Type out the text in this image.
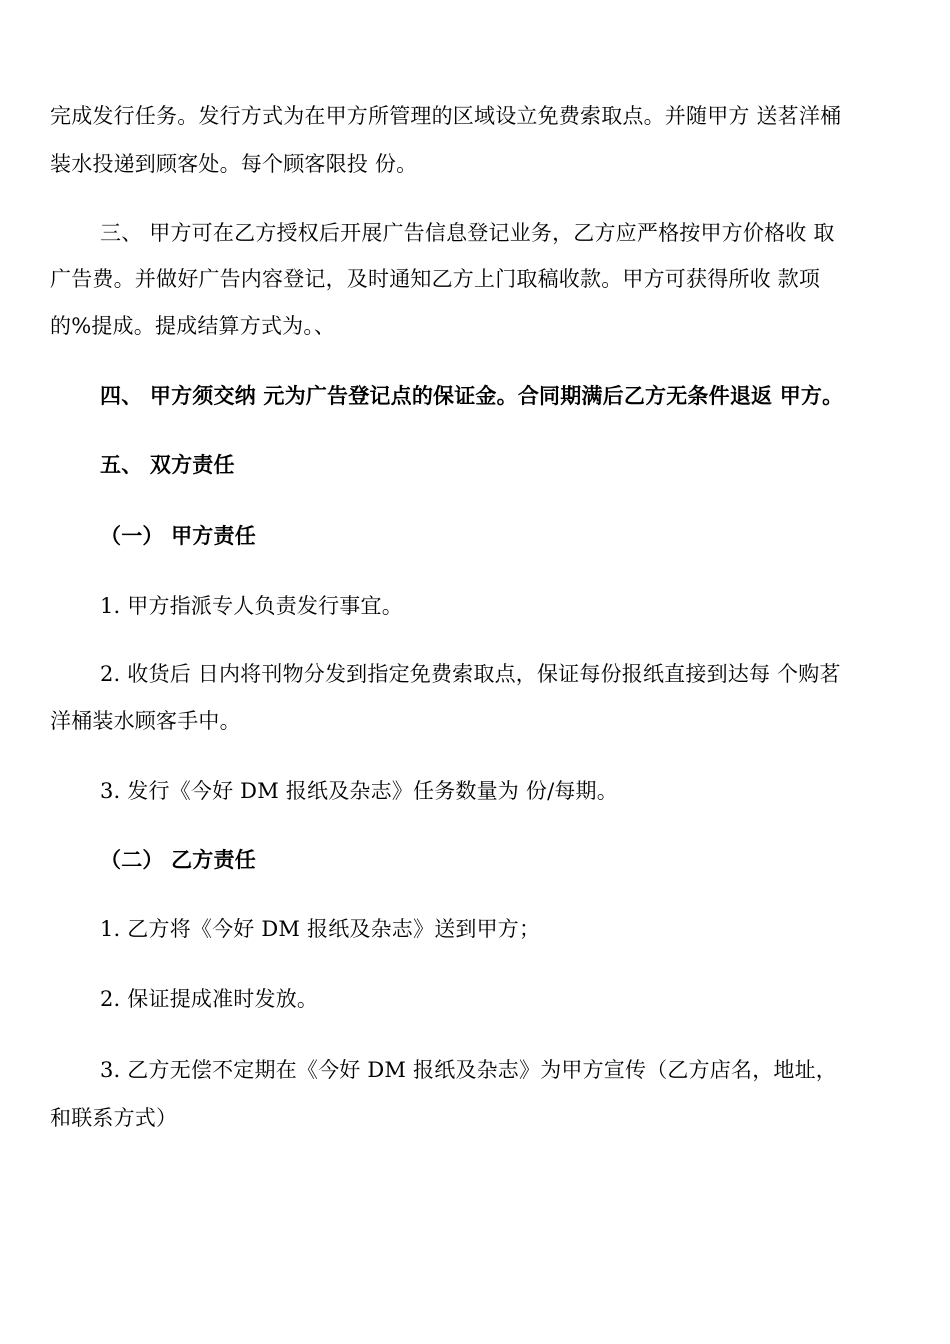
完成发行任务。发行方式为在甲方所管理的区域设立免费索取点。并随甲方 送茗洋桶
装水投递到顾客处。每个顾客限投 份。
三、 甲方可在乙方授权后开展广告信息登记业务，乙方应严格按甲方价格收 取
广告费。并做好广告内容登记，及时通知乙方上门取稿收款。甲方可获得所收 款项
的%提成。提成结算方式为。、
四、 甲方须交纳 元为广告登记点的保证金。合同期满后乙方无条件退返 甲方。
五、 双方责任
（一） 甲方责任
1. 甲方指派专人负责发行事宜。
2. 收货后 日内将刊物分发到指定免费索取点，保证每份报纸直接到达每 个购茗
洋桶装水顾客手中。
3. 发行《今好 DM 报纸及杂志》任务数量为 份/每期。
（二） 乙方责任
1. 乙方将《今好 DM 报纸及杂志》送到甲方；
2. 保证提成准时发放。
3. 乙方无偿不定期在《今好 DM 报纸及杂志》为甲方宣传（乙方店名，地址，
和联系方式）
